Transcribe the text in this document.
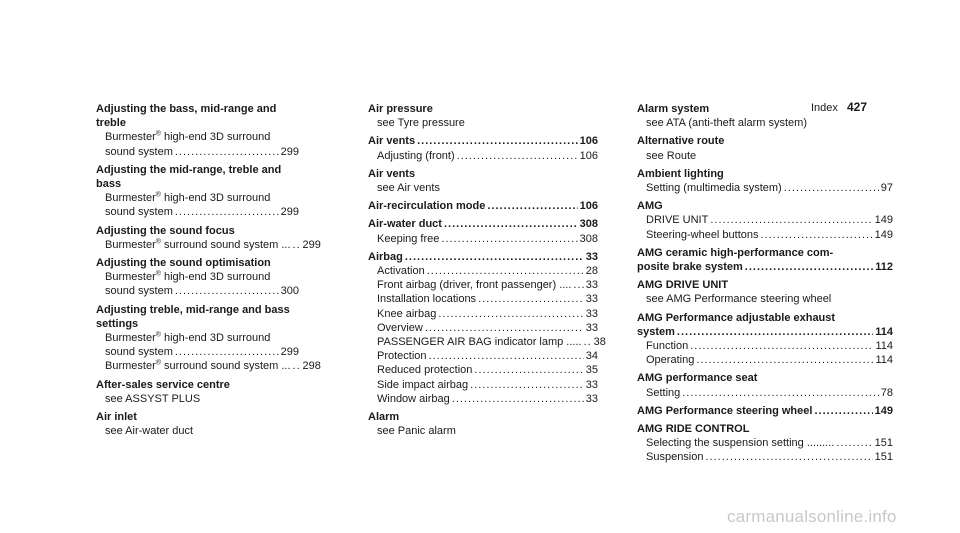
Index 427
Adjusting the bass, mid-range and
treble
Burmester® high-end 3D surround
sound system .....	299
Adjusting the mid-range, treble and
bass
Burmester® high-end 3D surround
sound system .....	299
Adjusting the sound focus
Burmester® surround sound system ... ..... 299
Adjusting the sound optimisation
Burmester® high-end 3D surround
sound system .....	300
Adjusting treble, mid-range and bass
settings
Burmester® high-end 3D surround
sound system .....	299
Burmester® surround sound system ... ..... 298
After-sales service centre
see ASSYST PLUS
Air inlet
see Air-water duct
Air pressure
see Tyre pressure
Air vents .....	106
Adjusting (front) .....	106
Air vents
see Air vents
Air-recirculation mode .....	106
Air-water duct .....	308
Keeping free .....	308
Airbag .....	33
Activation .....	28
Front airbag (driver, front passenger) .... ..... 33
Installation locations .....	33
Knee airbag .....	33
Overview .....	33
PASSENGER AIR BAG indicator lamp ..... ..... 38
Protection .....	34
Reduced protection .....	35
Side impact airbag .....	33
Window airbag .....	33
Alarm
see Panic alarm
Alarm system
see ATA (anti-theft alarm system)
Alternative route
see Route
Ambient lighting
Setting (multimedia system) .....	97
AMG
DRIVE UNIT .....	149
Steering-wheel buttons .....	149
AMG ceramic high-performance com-
posite brake system .....	112
AMG DRIVE UNIT
see AMG Performance steering wheel
AMG Performance adjustable exhaust
system .....	114
Function .....	114
Operating .....	114
AMG performance seat
Setting .....	78
AMG Performance steering wheel .....	149
AMG RIDE CONTROL
Selecting the suspension setting ......... .....	151
Suspension .....	151
carmanualsonline.info
